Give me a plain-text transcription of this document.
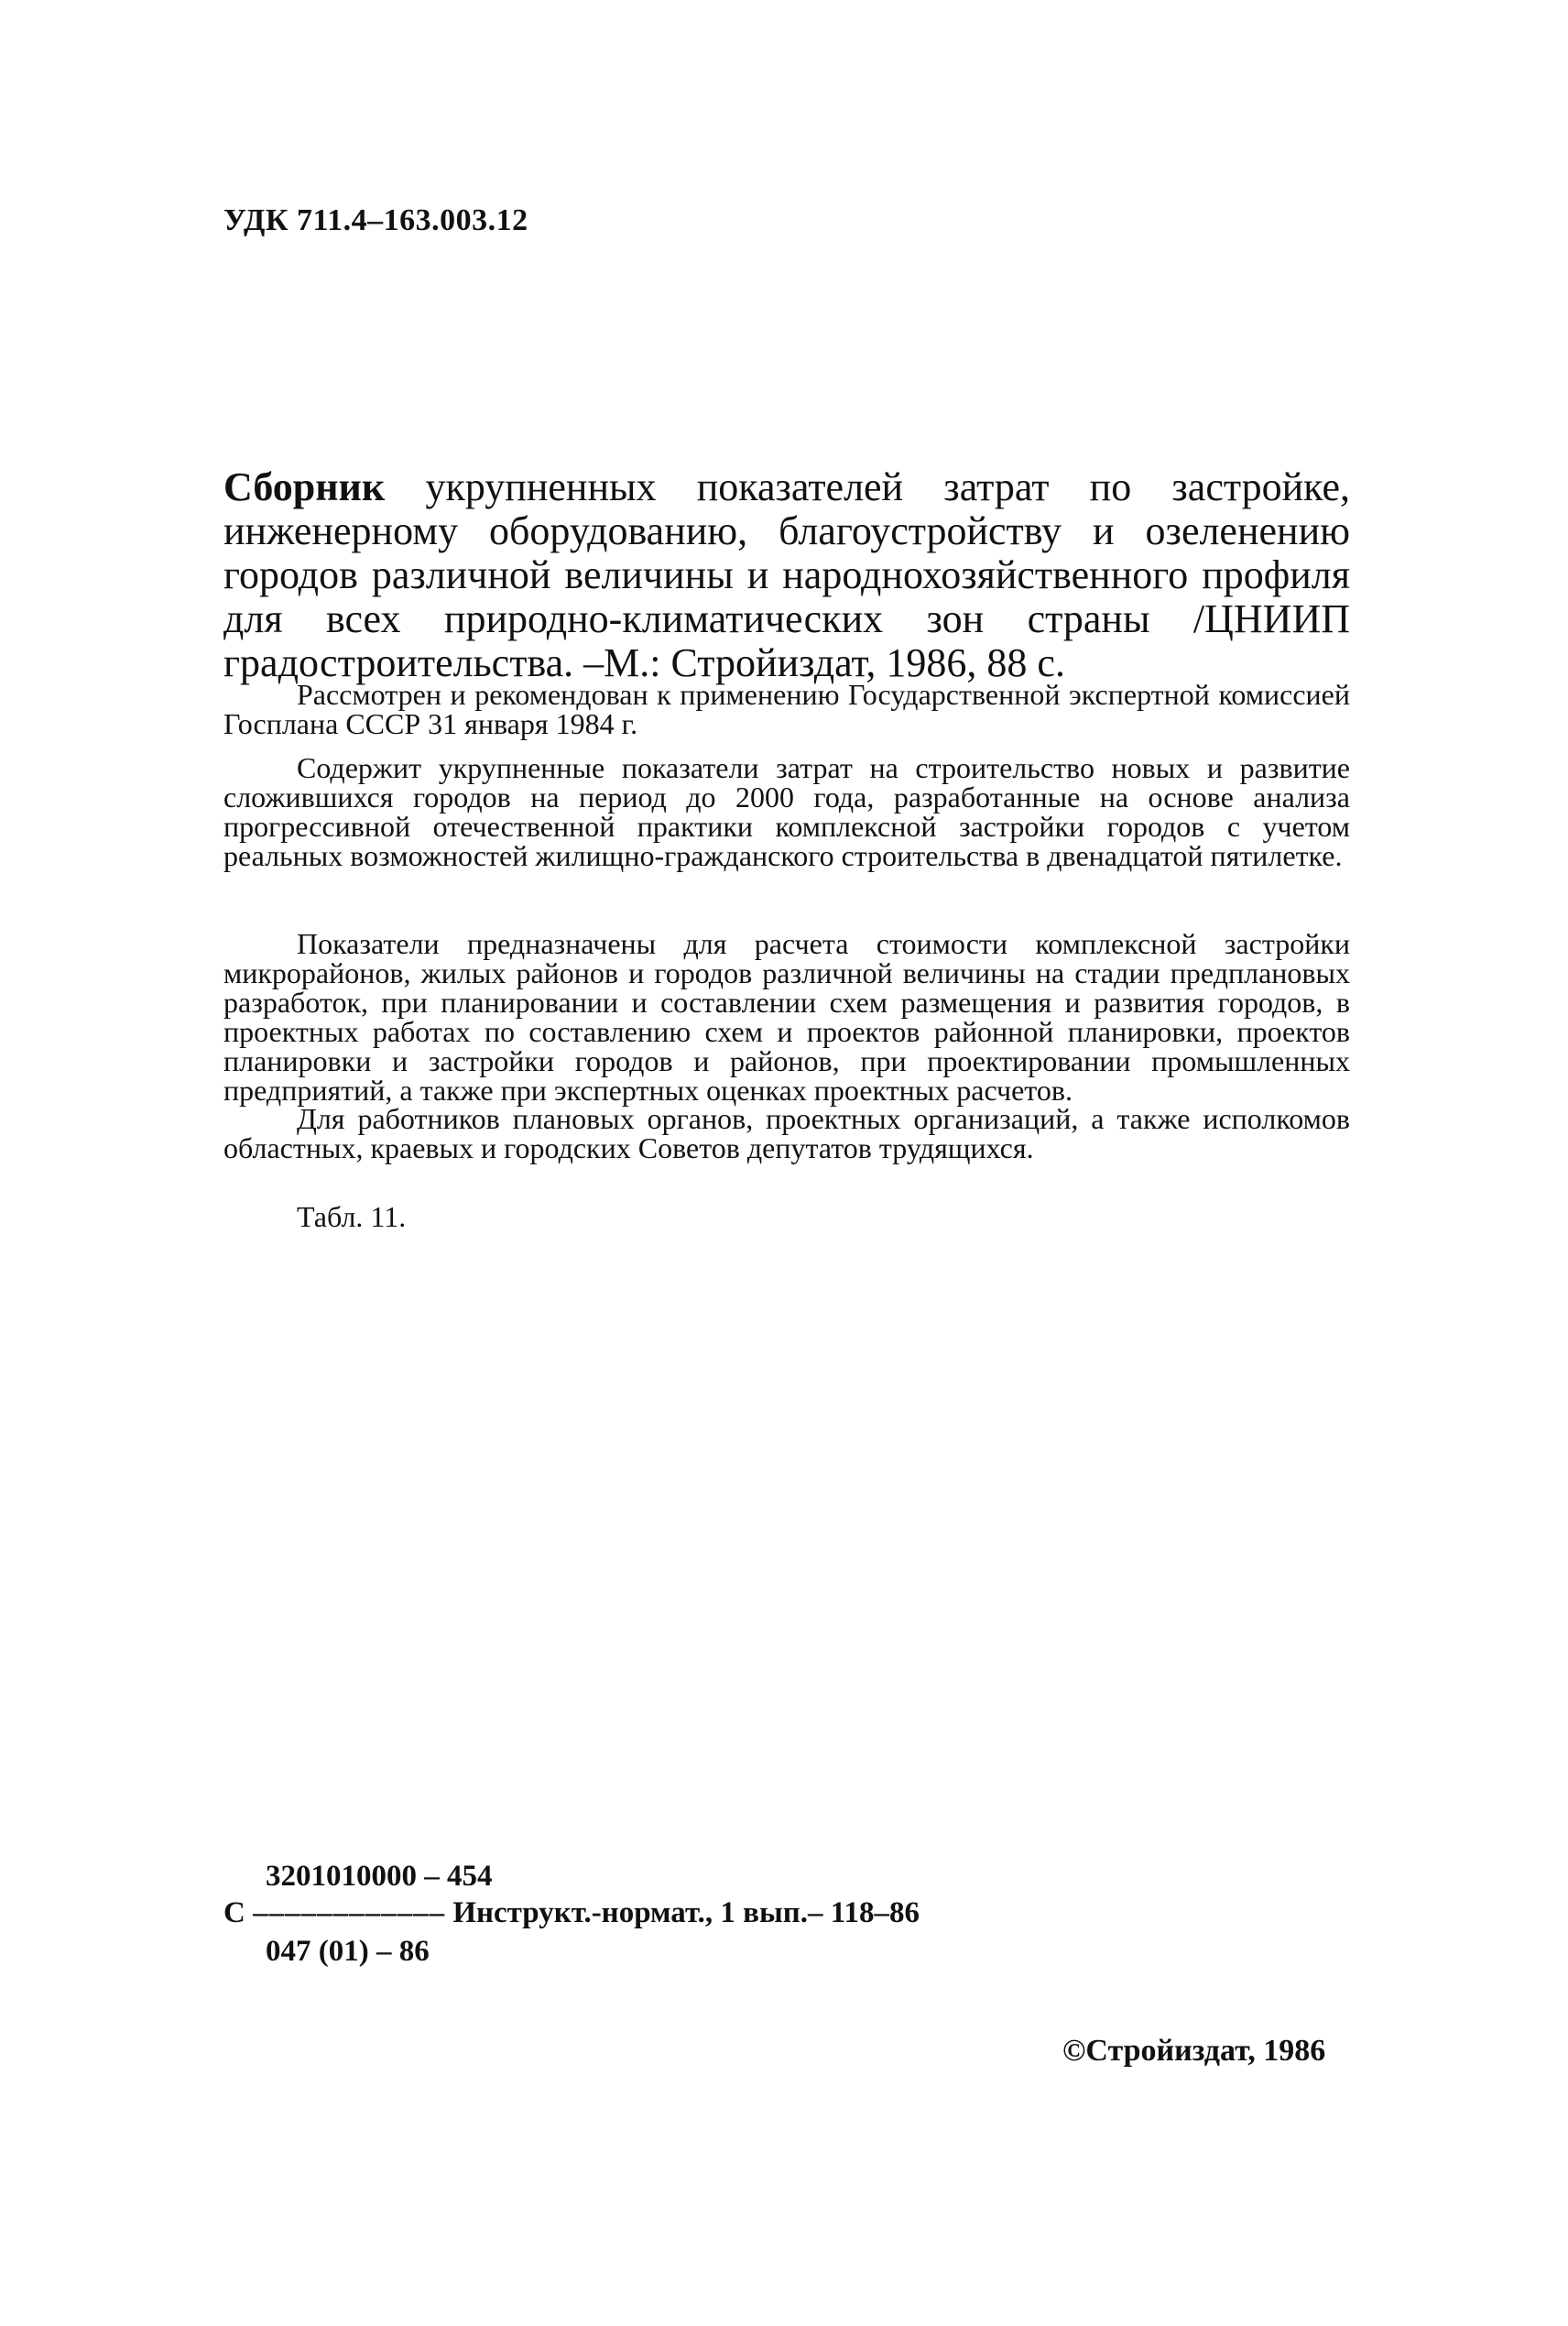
УДК 711.4–163.003.12
Сборник укрупненных показателей затрат по застройке, инженерному оборудованию, благоустройству и озеленению городов различной величины и народнохозяйственного профиля для всех природно-климатических зон страны /ЦНИИП градостроительства. –М.: Стройиздат, 1986, 88 с.
Рассмотрен и рекомендован к применению Государственной экспертной комиссией Госплана СССР 31 января 1984 г.
Содержит укрупненные показатели затрат на строительство новых и развитие сложившихся городов на период до 2000 года, разработанные на основе анализа прогрессивной отечественной практики комплексной застройки городов с учетом реальных возможностей жилищно-гражданского строительства в двенадцатой пятилетке.
Показатели предназначены для расчета стоимости комплексной застройки микрорайонов, жилых районов и городов различной величины на стадии предплановых разработок, при планировании и составлении схем размещения и развития городов, в проектных работах по составлению схем и проектов районной планировки, проектов планировки и застройки городов и районов, при проектировании промышленных предприятий, а также при экспертных оценках проектных расчетов.
Для работников плановых органов, проектных организаций, а также исполкомов областных, краевых и городских Советов депутатов трудящихся.
Табл. 11.
3201010000 – 454
С –––––––––––– Инструкт.-нормат., 1 вып.– 118–86
047 (01) – 86
©Стройиздат, 1986
